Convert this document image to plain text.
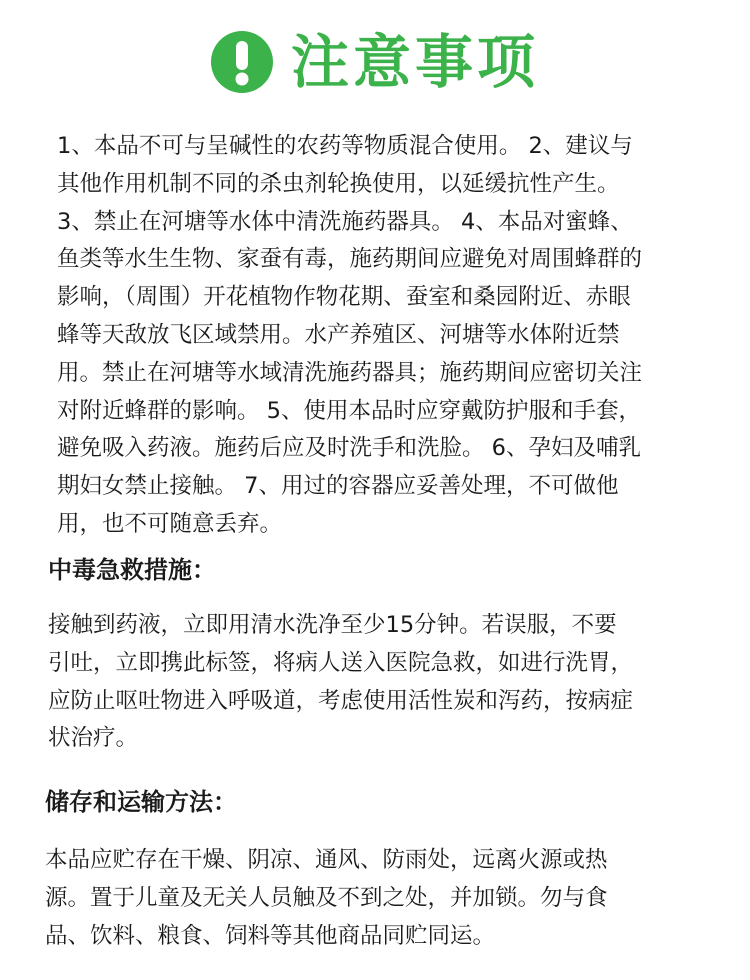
注意事项

1、本品不可与呈碱性的农药等物质混合使用。 2、建议与
其他作用机制不同的杀虫剂轮换使用，以延缓抗性产生。
3、禁止在河塘等水体中清洗施药器具。 4、本品对蜜蜂、
鱼类等水生生物、家蚕有毒，施药期间应避免对周围蜂群的
影响，（周围）开花植物作物花期、蚕室和桑园附近、赤眼
蜂等天敌放飞区域禁用。水产养殖区、河塘等水体附近禁
用。禁止在河塘等水域清洗施药器具；施药期间应密切关注
对附近蜂群的影响。 5、使用本品时应穿戴防护服和手套，
避免吸入药液。施药后应及时洗手和洗脸。 6、孕妇及哺乳
期妇女禁止接触。 7、用过的容器应妥善处理，不可做他
用，也不可随意丢弃。

中毒急救措施：

接触到药液，立即用清水洗净至少15分钟。若误服，不要
引吐，立即携此标签，将病人送入医院急救，如进行洗胃，
应防止呕吐物进入呼吸道，考虑使用活性炭和泻药，按病症
状治疗。

储存和运输方法：

本品应贮存在干燥、阴凉、通风、防雨处，远离火源或热
源。置于儿童及无关人员触及不到之处，并加锁。勿与食
品、饮料、粮食、饲料等其他商品同贮同运。
